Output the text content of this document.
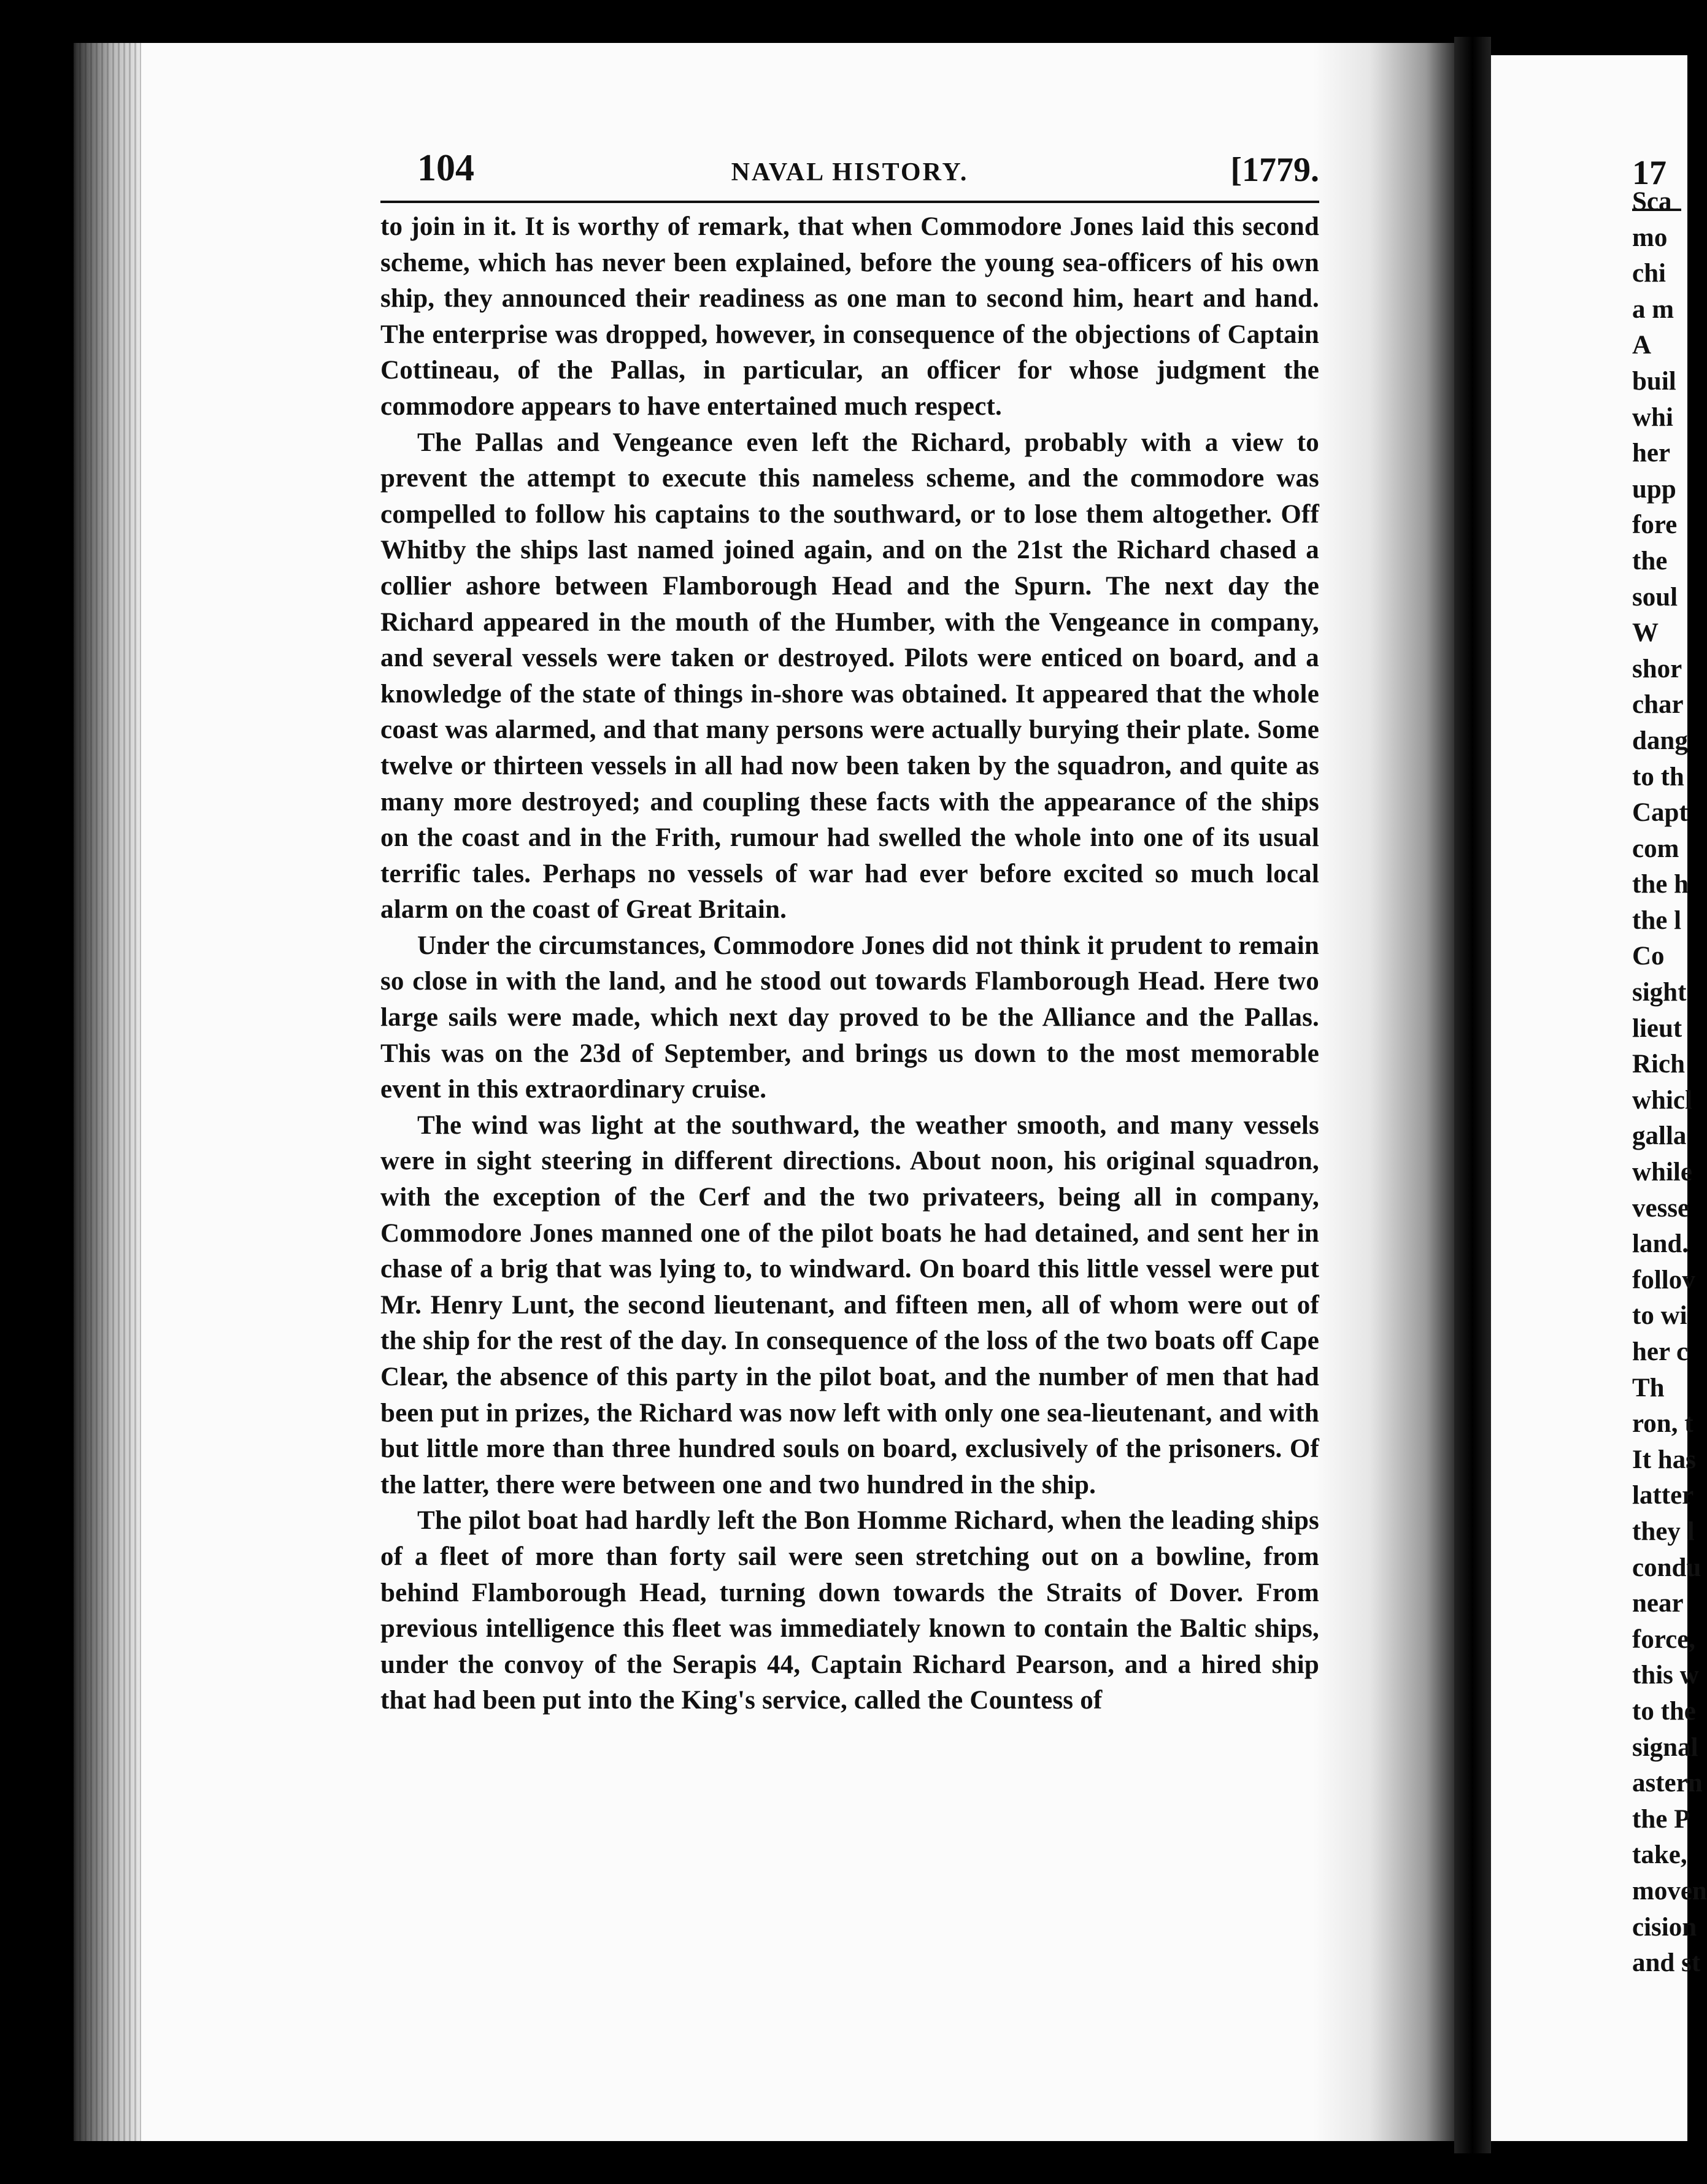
104	NAVAL HISTORY.	[1779.

to join in it. It is worthy of remark, that when Commodore Jones laid this second scheme, which has never been explained, before the young sea-officers of his own ship, they announced their readiness as one man to second him, heart and hand. The enterprise was dropped, however, in consequence of the objections of Captain Cottineau, of the Pallas, in particular, an officer for whose judgment the commodore appears to have entertained much respect.

The Pallas and Vengeance even left the Richard, probably with a view to prevent the attempt to execute this nameless scheme, and the commodore was compelled to follow his captains to the southward, or to lose them altogether. Off Whitby the ships last named joined again, and on the 21st the Richard chased a collier ashore between Flamborough Head and the Spurn. The next day the Richard appeared in the mouth of the Humber, with the Vengeance in company, and several vessels were taken or destroyed. Pilots were enticed on board, and a knowledge of the state of things in-shore was obtained. It appeared that the whole coast was alarmed, and that many persons were actually burying their plate. Some twelve or thirteen vessels in all had now been taken by the squadron, and quite as many more destroyed; and coupling these facts with the appearance of the ships on the coast and in the Frith, rumour had swelled the whole into one of its usual terrific tales. Perhaps no vessels of war had ever before excited so much local alarm on the coast of Great Britain.

Under the circumstances, Commodore Jones did not think it prudent to remain so close in with the land, and he stood out towards Flamborough Head. Here two large sails were made, which next day proved to be the Alliance and the Pallas. This was on the 23d of September, and brings us down to the most memorable event in this extraordinary cruise.

The wind was light at the southward, the weather smooth, and many vessels were in sight steering in different directions. About noon, his original squadron, with the exception of the Cerf and the two privateers, being all in company, Commodore Jones manned one of the pilot boats he had detained, and sent her in chase of a brig that was lying to, to windward. On board this little vessel were put Mr. Henry Lunt, the second lieutenant, and fifteen men, all of whom were out of the ship for the rest of the day. In consequence of the loss of the two boats off Cape Clear, the absence of this party in the pilot boat, and the number of men that had been put in prizes, the Richard was now left with only one sea-lieutenant, and with but little more than three hundred souls on board, exclusively of the prisoners. Of the latter, there were between one and two hundred in the ship.

The pilot boat had hardly left the Bon Homme Richard, when the leading ships of a fleet of more than forty sail were seen stretching out on a bowline, from behind Flamborough Head, turning down towards the Straits of Dover. From previous intelligence this fleet was immediately known to contain the Baltic ships, under the convoy of the Serapis 44, Captain Richard Pearson, and a hired ship that had been put into the King's service, called the Countess of

17
Sca
mo
chi
a m
A
buil
whi
her
upp
fore
the
soul
W
shor
char
dang
to th
Capt
com
the h
the l
Co
sight
lieut
Rich
whicl
galla
while
vesse
land.
follov
to wi
her c
Th
ron, t
It has
latter
they l
condu
near
force,
this w
to the
signal
astern
the P
take,
moven
cision
and st
